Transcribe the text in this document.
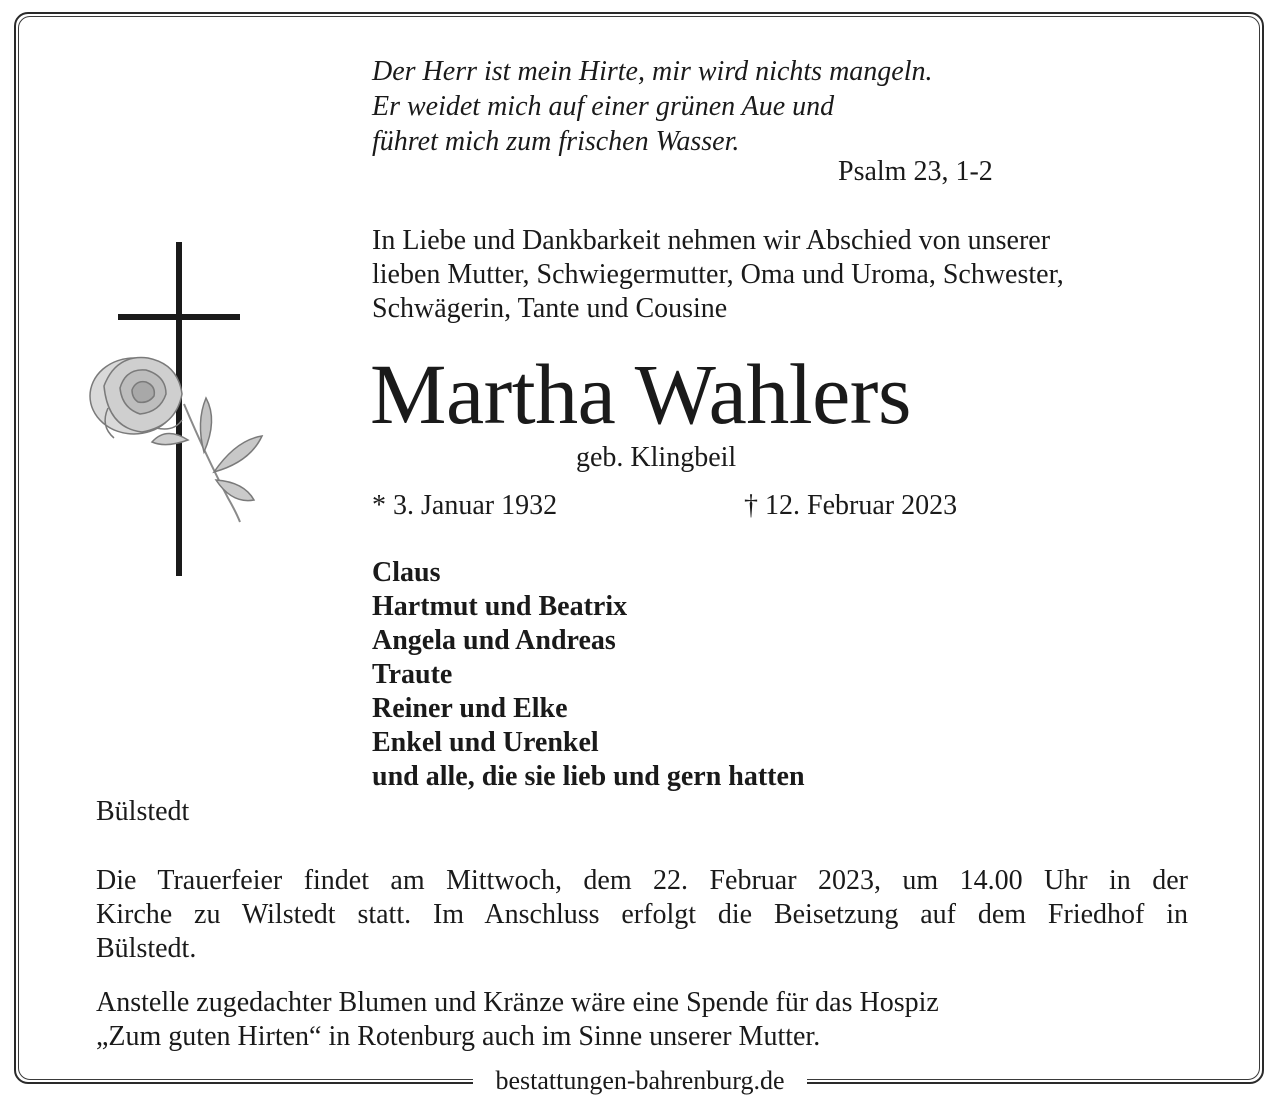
Der Herr ist mein Hirte, mir wird nichts mangeln.
Er weidet mich auf einer grünen Aue und
führet mich zum frischen Wasser.
Psalm 23, 1-2
In Liebe und Dankbarkeit nehmen wir Abschied von unserer
lieben Mutter, Schwiegermutter, Oma und Uroma, Schwester,
Schwägerin, Tante und Cousine
Martha Wahlers
geb. Klingbeil
* 3. Januar 1932	† 12. Februar 2023
Claus
Hartmut und Beatrix
Angela und Andreas
Traute
Reiner und Elke
Enkel und Urenkel
und alle, die sie lieb und gern hatten
Bülstedt
Die Trauerfeier findet am Mittwoch, dem 22. Februar 2023, um 14.00 Uhr in der
Kirche zu Wilstedt statt. Im Anschluss erfolgt die Beisetzung auf dem Friedhof in
Bülstedt.
Anstelle zugedachter Blumen und Kränze wäre eine Spende für das Hospiz
„Zum guten Hirten“ in Rotenburg auch im Sinne unserer Mutter.
bestattungen-bahrenburg.de
